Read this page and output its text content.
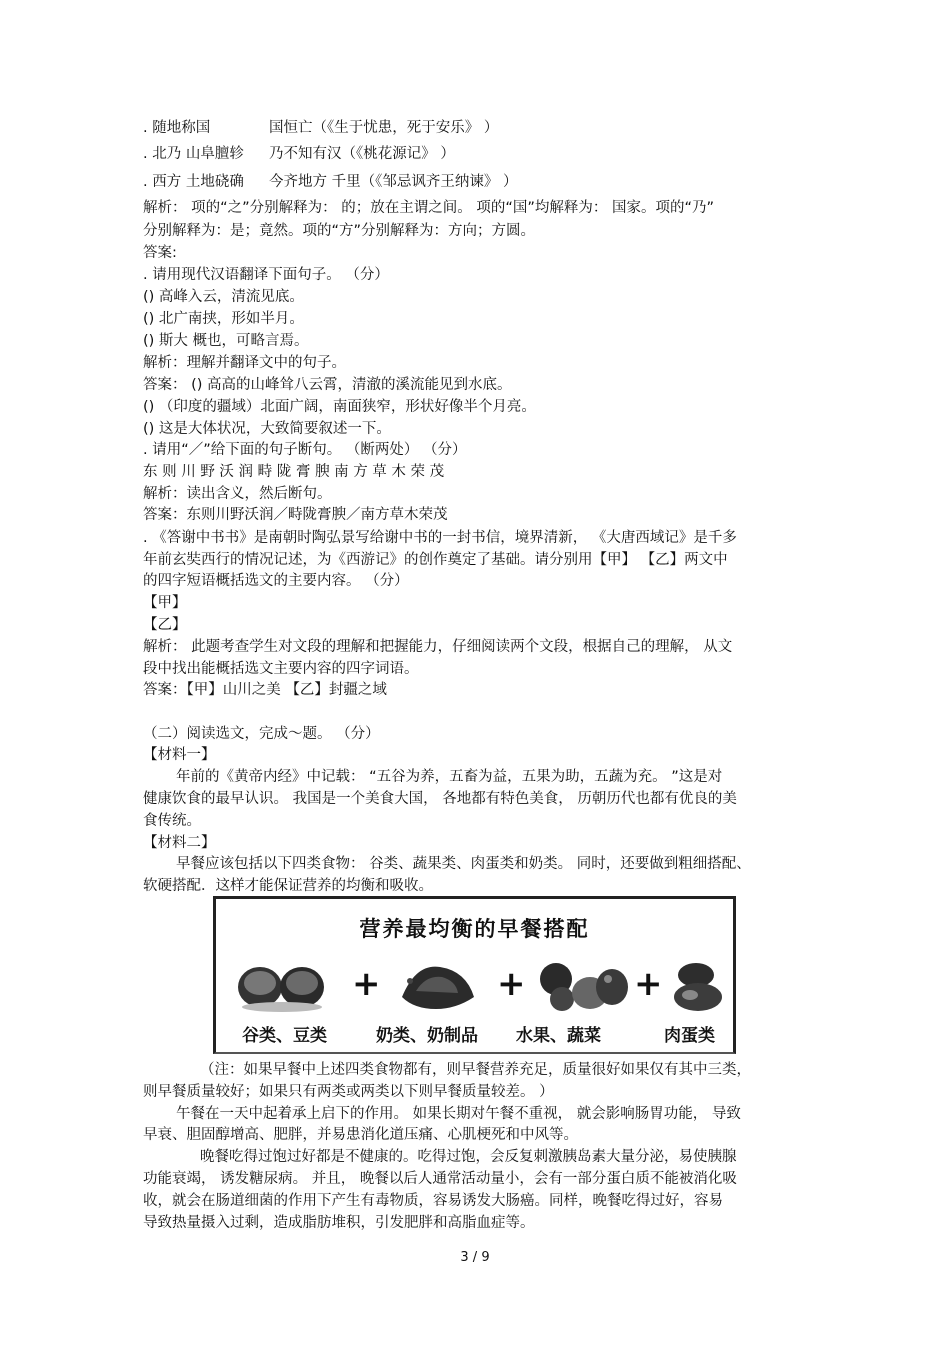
. 随地称国	国恒亡（《生于忧患，死于安乐》 ）
. 北乃 山阜膻轸 乃不知有汉（《桃花源记》 ）
. 西方 土地硗确 今齐地方 千里（《邹忌讽齐王纳谏》 ）
解析： 项的“之”分别解释为： 的；放在主谓之间。 项的“国”均解释为： 国家。项的“乃”
分别解释为：是；竟然。项的“方”分别解释为：方向；方圆。
答案:
. 请用现代汉语翻译下面句子。 （分）
() 高峰入云，清流见底。
() 北广南挟，形如半月。
() 斯大 概也，可略言焉。
解析：理解并翻译文中的句子。
答案： () 高高的山峰耸八云霄，清澈的溪流能见到水底。
() （印度的疆域）北面广阔，南面狭窄，形状好像半个月亮。
() 这是大体状况，大致简要叙述一下。
. 请用“／”给下面的句子断句。 （断两处） （分）
东 则 川 野 沃 润 畤 陇 膏 腴 南 方 草 木 荣 茂
解析：读出含义，然后断句。
答案：东则川野沃润／畤陇膏腴／南方草木荣茂
. 《答谢中书书》是南朝时陶弘景写给谢中书的一封书信，境界清新， 《大唐西域记》是千多
年前玄奘西行的情况记述，为《西游记》的创作奠定了基础。请分别用【甲】 【乙】两文中
的四字短语概括选文的主要内容。 （分）
【甲】
【乙】
解析： 此题考查学生对文段的理解和把握能力，仔细阅读两个文段，根据自己的理解， 从文
段中找出能概括选文主要内容的四字词语。
答案：【甲】山川之美 【乙】封疆之域
（二）阅读选文，完成～题。 （分）
【材料一】
年前的《黄帝内经》中记载： “五谷为养，五畜为益，五果为助，五蔬为充。 ”这是对
健康饮食的最早认识。 我国是一个美食大国， 各地都有特色美食， 历朝历代也都有优良的美
食传统。
【材料二】
早餐应该包括以下四类食物： 谷类、蔬果类、肉蛋类和奶类。 同时，还要做到粗细搭配、
软硬搭配．这样才能保证营养的均衡和吸收。
营养最均衡的早餐搭配
+	+	+
谷类、豆类	奶类、奶制品 水果、蔬菜	肉蛋类
（注：如果早餐中上述四类食物都有，则早餐营养充足，质量很好如果仅有其中三类，
则早餐质量较好；如果只有两类或两类以下则早餐质量较差。 ）
午餐在一天中起着承上启下的作用。 如果长期对午餐不重视， 就会影响肠胃功能， 导致
早衰、胆固醇增高、肥胖，并易患消化道压痛、心肌梗死和中风等。
晚餐吃得过饱过好都是不健康的。吃得过饱，会反复刺激胰岛素大量分泌，易使胰腺
功能衰竭， 诱发糖尿病。 并且， 晚餐以后人通常活动量小，会有一部分蛋白质不能被消化吸
收，就会在肠道细菌的作用下产生有毒物质，容易诱发大肠癌。同样，晚餐吃得过好，容易
导致热量摄入过剩，造成脂肪堆积，引发肥胖和高脂血症等。
3 / 9
